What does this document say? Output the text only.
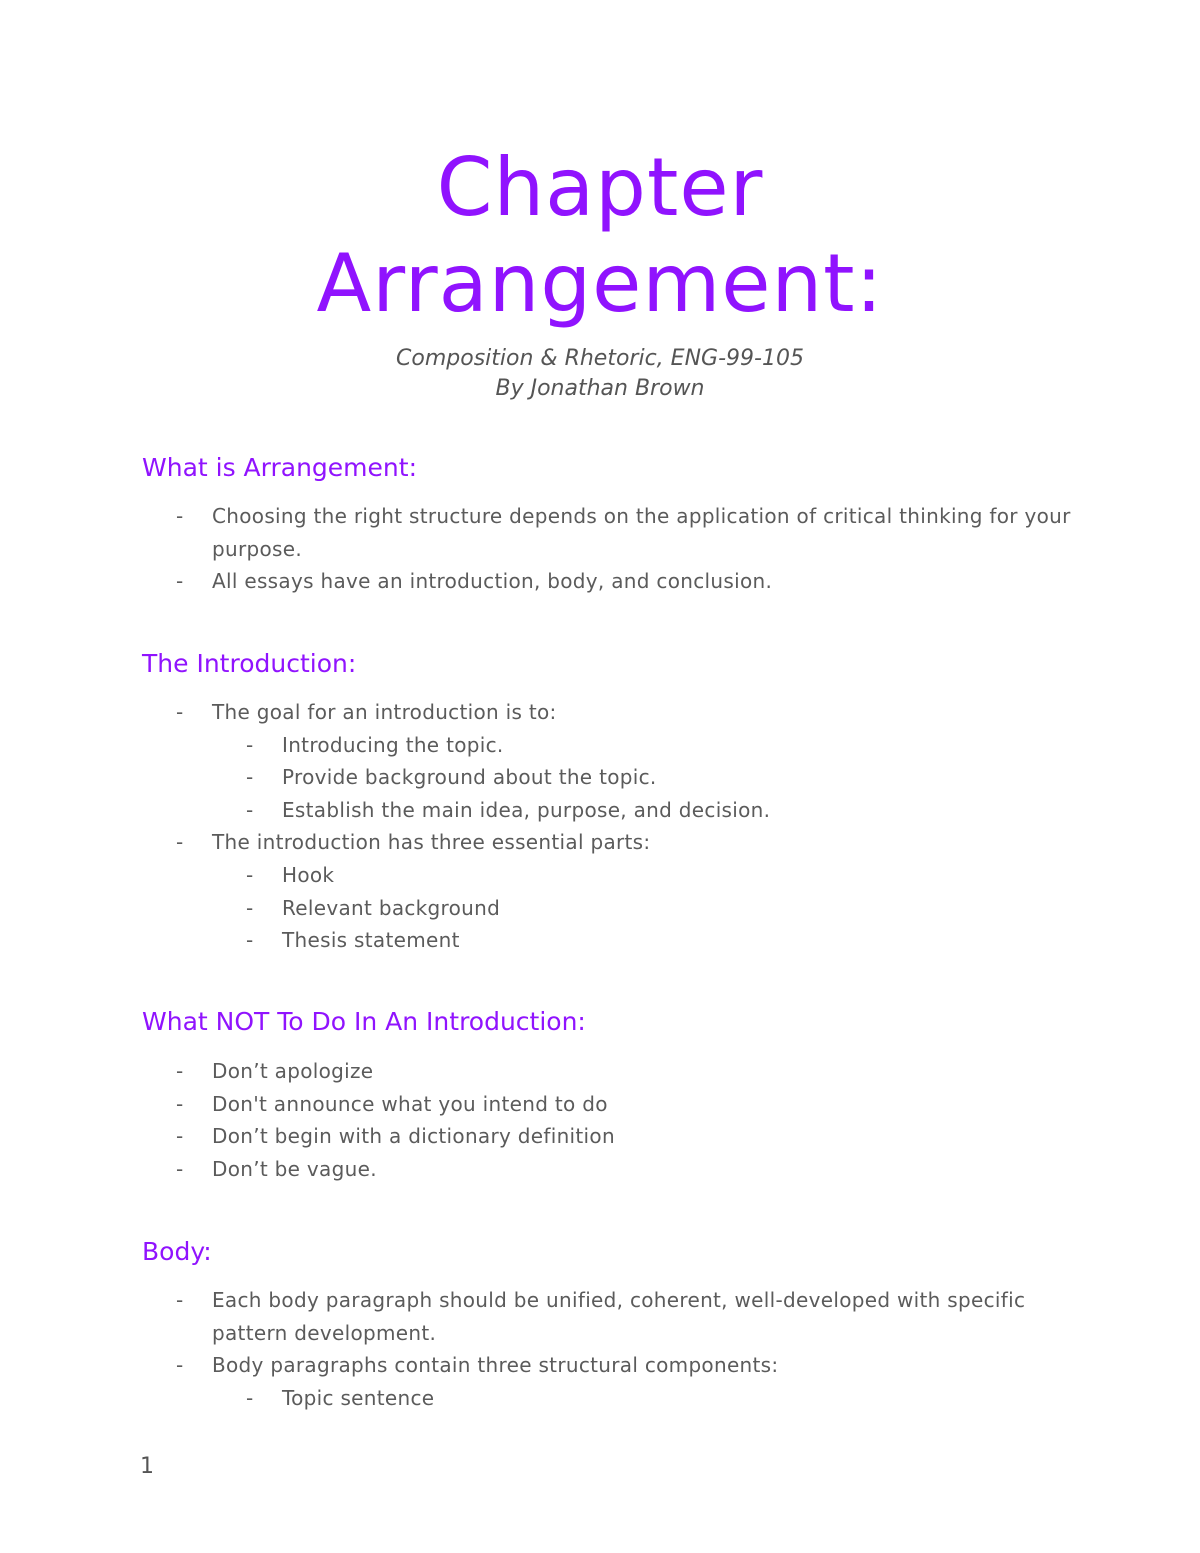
Chapter
Arrangement:
Composition & Rhetoric, ENG-99-105
By Jonathan Brown
What is Arrangement:
- Choosing the right structure depends on the application of critical thinking for your purpose.
- All essays have an introduction, body, and conclusion.
The Introduction:
- The goal for an introduction is to:
- Introducing the topic.
- Provide background about the topic.
- Establish the main idea, purpose, and decision.
- The introduction has three essential parts:
- Hook
- Relevant background
- Thesis statement
What NOT To Do In An Introduction:
- Don’t apologize
- Don't announce what you intend to do
- Don’t begin with a dictionary definition
- Don’t be vague.
Body:
- Each body paragraph should be unified, coherent, well-developed with specific pattern development.
- Body paragraphs contain three structural components:
- Topic sentence
1
